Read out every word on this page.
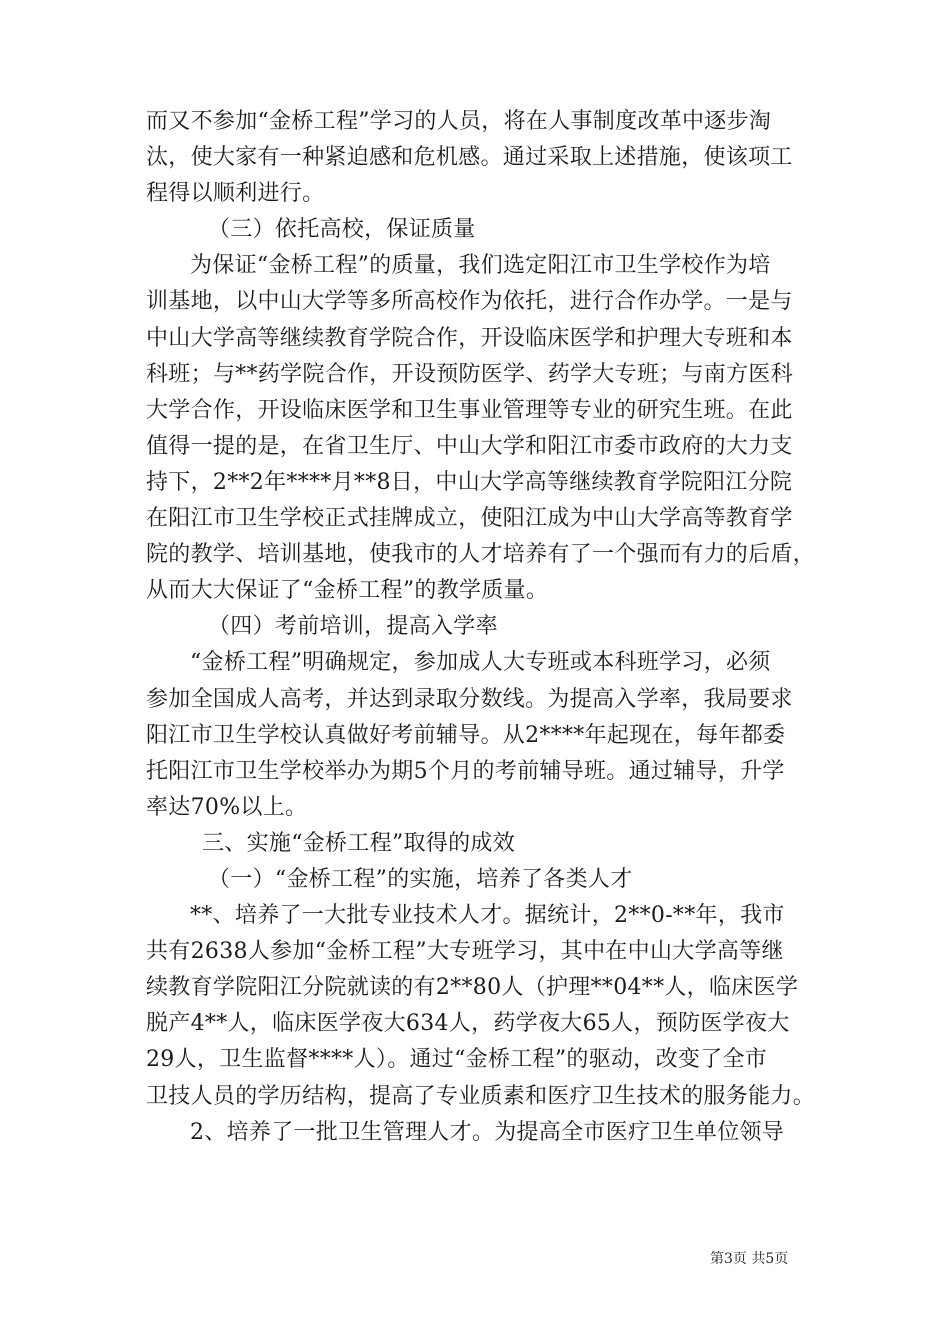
而又不参加“金桥工程”学习的人员，将在人事制度改革中逐步淘
汰，使大家有一种紧迫感和危机感。通过采取上述措施，使该项工
程得以顺利进行。
（三）依托高校，保证质量
为保证“金桥工程”的质量，我们选定阳江市卫生学校作为培
训基地，以中山大学等多所高校作为依托，进行合作办学。一是与
中山大学高等继续教育学院合作，开设临床医学和护理大专班和本
科班；与**药学院合作，开设预防医学、药学大专班；与南方医科
大学合作，开设临床医学和卫生事业管理等专业的研究生班。在此
值得一提的是，在省卫生厅、中山大学和阳江市委市政府的大力支
持下，2**2年****月**8日，中山大学高等继续教育学院阳江分院
在阳江市卫生学校正式挂牌成立，使阳江成为中山大学高等教育学
院的教学、培训基地，使我市的人才培养有了一个强而有力的后盾，
从而大大保证了“金桥工程”的教学质量。
（四）考前培训，提高入学率
“金桥工程”明确规定，参加成人大专班或本科班学习，必须
参加全国成人高考，并达到录取分数线。为提高入学率，我局要求
阳江市卫生学校认真做好考前辅导。从2****年起现在，每年都委
托阳江市卫生学校举办为期5个月的考前辅导班。通过辅导，升学
率达70%以上。
三、实施“金桥工程”取得的成效
（一）“金桥工程”的实施，培养了各类人才
**、培养了一大批专业技术人才。据统计，2**0-**年，我市
共有2638人参加“金桥工程”大专班学习，其中在中山大学高等继
续教育学院阳江分院就读的有2**80人（护理**04**人，临床医学
脱产4**人，临床医学夜大634人，药学夜大65人，预防医学夜大
29人，卫生监督****人）。通过“金桥工程”的驱动，改变了全市
卫技人员的学历结构，提高了专业质素和医疗卫生技术的服务能力。
2、培养了一批卫生管理人才。为提高全市医疗卫生单位领导
第3页 共5页
